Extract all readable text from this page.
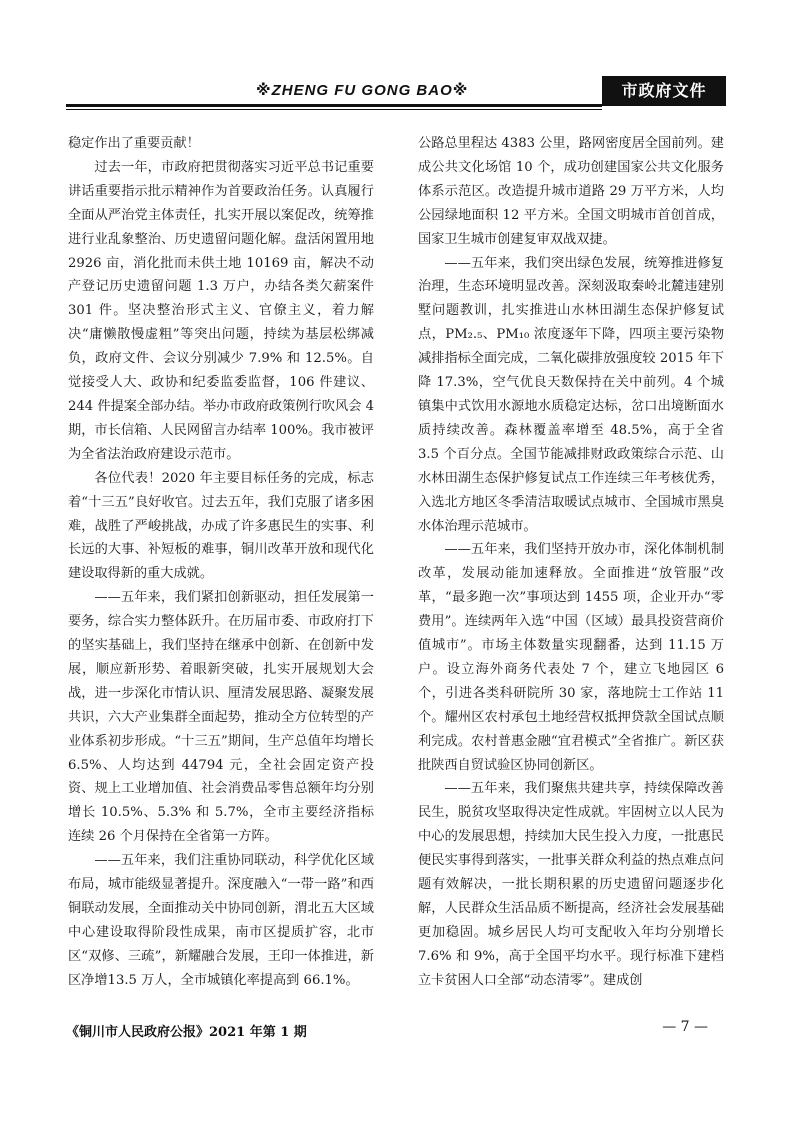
※ZHENG FU GONG BAO※	市政府文件

稳定作出了重要贡献！

过去一年，市政府把贯彻落实习近平总书记重要讲话重要指示批示精神作为首要政治任务。认真履行全面从严治党主体责任，扎实开展以案促改，统筹推进行业乱象整治、历史遗留问题化解。盘活闲置用地 2926 亩，消化批而未供土地 10169 亩，解决不动产登记历史遗留问题 1.3 万户，办结各类欠薪案件 301 件。坚决整治形式主义、官僚主义，着力解决“庸懒散慢虚粗”等突出问题，持续为基层松绑减负，政府文件、会议分别减少 7.9% 和 12.5%。自觉接受人大、政协和纪委监委监督，106 件建议、244 件提案全部办结。举办市政府政策例行吹风会 4 期，市长信箱、人民网留言办结率 100%。我市被评为全省法治政府建设示范市。

各位代表！2020 年主要目标任务的完成，标志着“十三五”良好收官。过去五年，我们克服了诸多困难，战胜了严峻挑战，办成了许多惠民生的实事、利长远的大事、补短板的难事，铜川改革开放和现代化建设取得新的重大成就。

——五年来，我们紧扣创新驱动，担任发展第一要务，综合实力整体跃升。在历届市委、市政府打下的坚实基础上，我们坚持在继承中创新、在创新中发展，顺应新形势、着眼新突破，扎实开展规划大会战，进一步深化市情认识、厘清发展思路、凝聚发展共识，六大产业集群全面起势，推动全方位转型的产业体系初步形成。“十三五”期间，生产总值年均增长 6.5%、人均达到 44794 元，全社会固定资产投资、规上工业增加值、社会消费品零售总额年均分别增长 10.5%、5.3% 和 5.7%，全市主要经济指标连续 26 个月保持在全省第一方阵。

——五年来，我们注重协同联动，科学优化区域布局，城市能级显著提升。深度融入“一带一路”和西铜联动发展，全面推动关中协同创新，渭北五大区域中心建设取得阶段性成果，南市区提质扩容，北市区“双修、三疏”，新耀融合发展，王印一体推进，新区净增13.5 万人，全市城镇化率提高到 66.1%。

公路总里程达 4383 公里，路网密度居全国前列。建成公共文化场馆 10 个，成功创建国家公共文化服务体系示范区。改造提升城市道路 29 万平方米，人均公园绿地面积 12 平方米。全国文明城市首创首成，国家卫生城市创建复审双战双捷。

——五年来，我们突出绿色发展，统筹推进修复治理，生态环境明显改善。深刻汲取秦岭北麓违建别墅问题教训，扎实推进山水林田湖生态保护修复试点，PM₂.₅、PM₁₀ 浓度逐年下降，四项主要污染物减排指标全面完成，二氧化碳排放强度较 2015 年下降 17.3%，空气优良天数保持在关中前列。4 个城镇集中式饮用水源地水质稳定达标，岔口出境断面水质持续改善。森林覆盖率增至 48.5%，高于全省 3.5 个百分点。全国节能减排财政政策综合示范、山水林田湖生态保护修复试点工作连续三年考核优秀，入选北方地区冬季清洁取暖试点城市、全国城市黑臭水体治理示范城市。

——五年来，我们坚持开放办市，深化体制机制改革，发展动能加速释放。全面推进“放管服”改革，“最多跑一次”事项达到 1455 项，企业开办“零费用”。连续两年入选“中国（区域）最具投资营商价值城市”。市场主体数量实现翻番，达到 11.15 万户。设立海外商务代表处 7 个，建立飞地园区 6 个，引进各类科研院所 30 家，落地院士工作站 11 个。耀州区农村承包土地经营权抵押贷款全国试点顺利完成。农村普惠金融“宜君模式”全省推广。新区获批陕西自贸试验区协同创新区。

——五年来，我们聚焦共建共享，持续保障改善民生，脱贫攻坚取得决定性成就。牢固树立以人民为中心的发展思想，持续加大民生投入力度，一批惠民便民实事得到落实，一批事关群众利益的热点难点问题有效解决，一批长期积累的历史遗留问题逐步化解，人民群众生活品质不断提高，经济社会发展基础更加稳固。城乡居民人均可支配收入年均分别增长 7.6% 和 9%，高于全国平均水平。现行标准下建档立卡贫困人口全部“动态清零”。建成创

《铜川市人民政府公报》2021 年第 1 期	— 7 —
